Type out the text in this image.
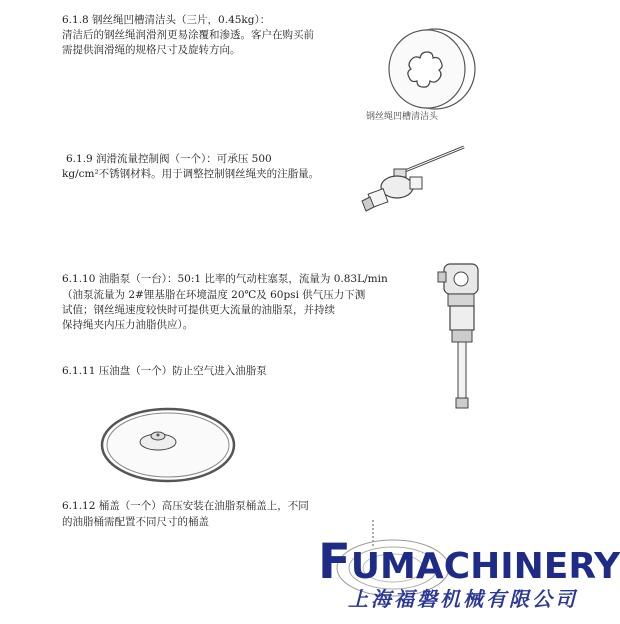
6.1.8 钢丝绳凹槽清洁头（三片，0.45kg）：
清洁后的钢丝绳润滑剂更易涂覆和渗透。客户在购买前
需提供润滑绳的规格尺寸及旋转方向。
钢丝绳凹槽清洁头
6.1.9 润滑流量控制阀（一个）：可承压 500
kg/cm²不锈钢材料。用于调整控制钢丝绳夹的注脂量。
6.1.10 油脂泵（一台）：50:1 比率的气动柱塞泵，流量为 0.83L/min
（油泵流量为 2#锂基脂在环境温度 20℃及 60psi 供气压力下测
试值；钢丝绳速度较快时可提供更大流量的油脂泵，并持续
保持绳夹内压力油脂供应）。
6.1.11 压油盘（一个）防止空气进入油脂泵
6.1.12 桶盖（一个）高压安装在油脂泵桶盖上，不同
的油脂桶需配置不同尺寸的桶盖
FUMACHINERY
上海福磐机械有限公司
